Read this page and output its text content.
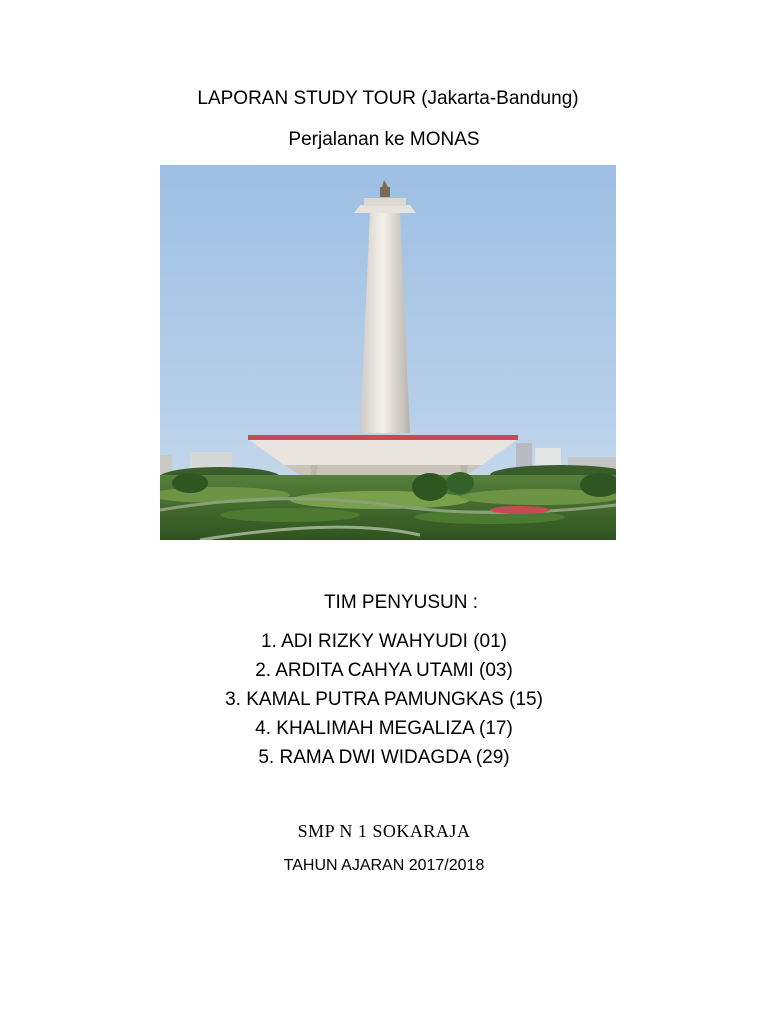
LAPORAN STUDY TOUR (Jakarta-Bandung)
Perjalanan ke MONAS
TIM PENYUSUN :
1. ADI RIZKY WAHYUDI (01)
2. ARDITA CAHYA UTAMI (03)
3. KAMAL PUTRA PAMUNGKAS (15)
4. KHALIMAH MEGALIZA (17)
5. RAMA DWI WIDAGDA (29)
SMP N 1 SOKARAJA
TAHUN AJARAN 2017/2018
